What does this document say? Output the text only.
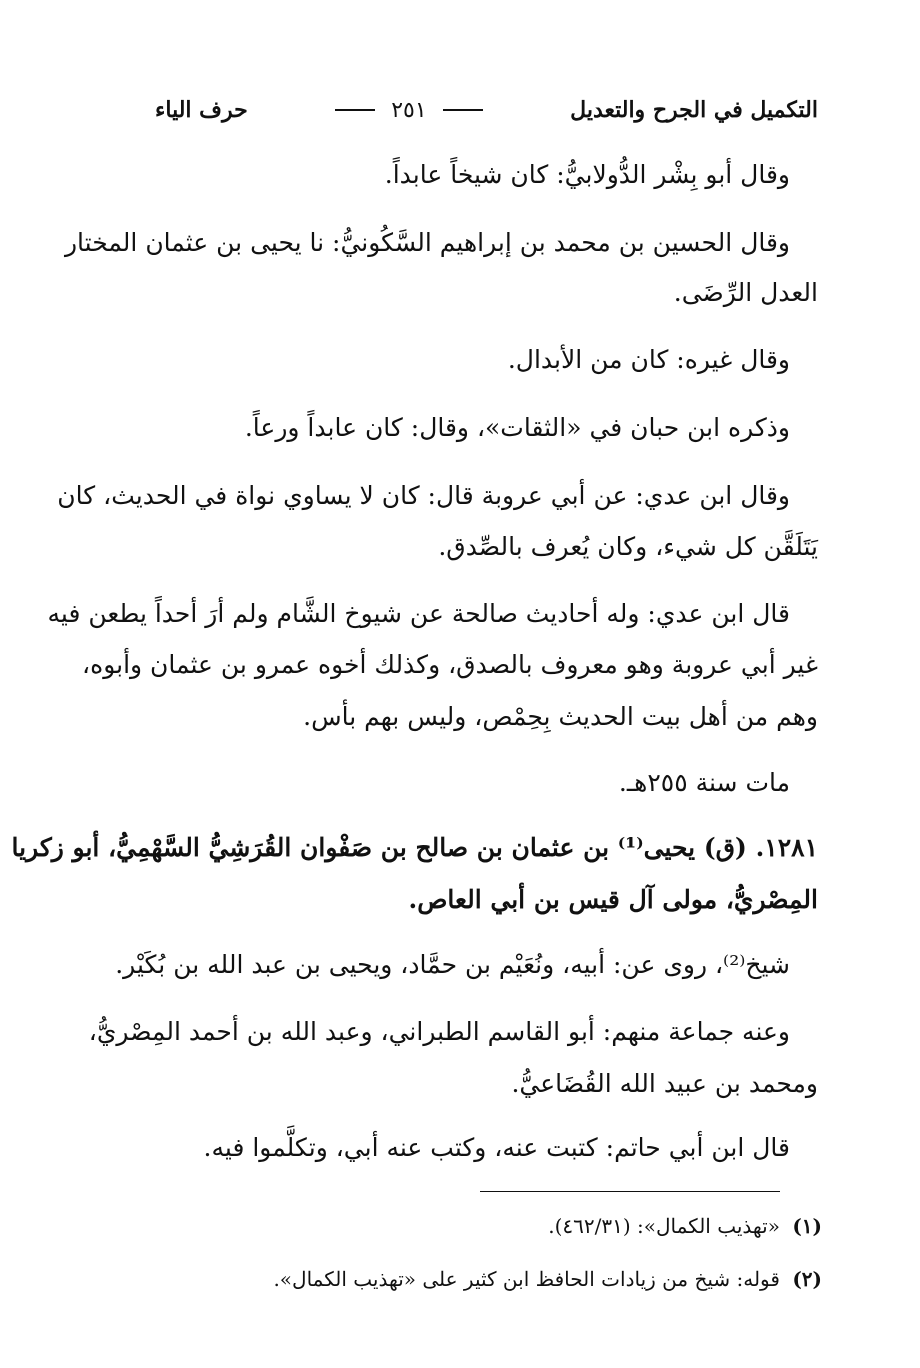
التكميل في الجرح والتعديل
٢٥١
حرف الياء
وقال أبو بِشْر الدُّولابيُّ: كان شيخاً عابداً.
وقال الحسين بن محمد بن إبراهيم السَّكُونيُّ: نا يحيى بن عثمان المختار
العدل الرِّضَى.
وقال غيره: كان من الأبدال.
وذكره ابن حبان في «الثقات»، وقال: كان عابداً ورعاً.
وقال ابن عدي: عن أبي عروبة قال: كان لا يساوي نواة في الحديث، كان
يَتَلَقَّن كل شيء، وكان يُعرف بالصِّدق.
قال ابن عدي: وله أحاديث صالحة عن شيوخ الشَّام ولم أرَ أحداً يطعن فيه
غير أبي عروبة وهو معروف بالصدق، وكذلك أخوه عمرو بن عثمان وأبوه،
وهم من أهل بيت الحديث بِحِمْص، وليس بهم بأس.
مات سنة ٢٥٥هـ.
١٢٨١. (ق) يحيى⁽¹⁾ بن عثمان بن صالح بن صَفْوان القُرَشِيُّ السَّهْمِيُّ، أبو زكريا
المِصْريُّ، مولى آل قيس بن أبي العاص.
شيخ⁽²⁾، روى عن: أبيه، ونُعَيْم بن حمَّاد، ويحيى بن عبد الله بن بُكَيْر.
وعنه جماعة منهم: أبو القاسم الطبراني، وعبد الله بن أحمد المِصْريُّ،
ومحمد بن عبيد الله القُضَاعيُّ.
قال ابن أبي حاتم: كتبت عنه، وكتب عنه أبي، وتكلَّموا فيه.
(١) «تهذيب الكمال»: (٤٦٢/٣١).
(٢) قوله: شيخ من زيادات الحافظ ابن كثير على «تهذيب الكمال».
